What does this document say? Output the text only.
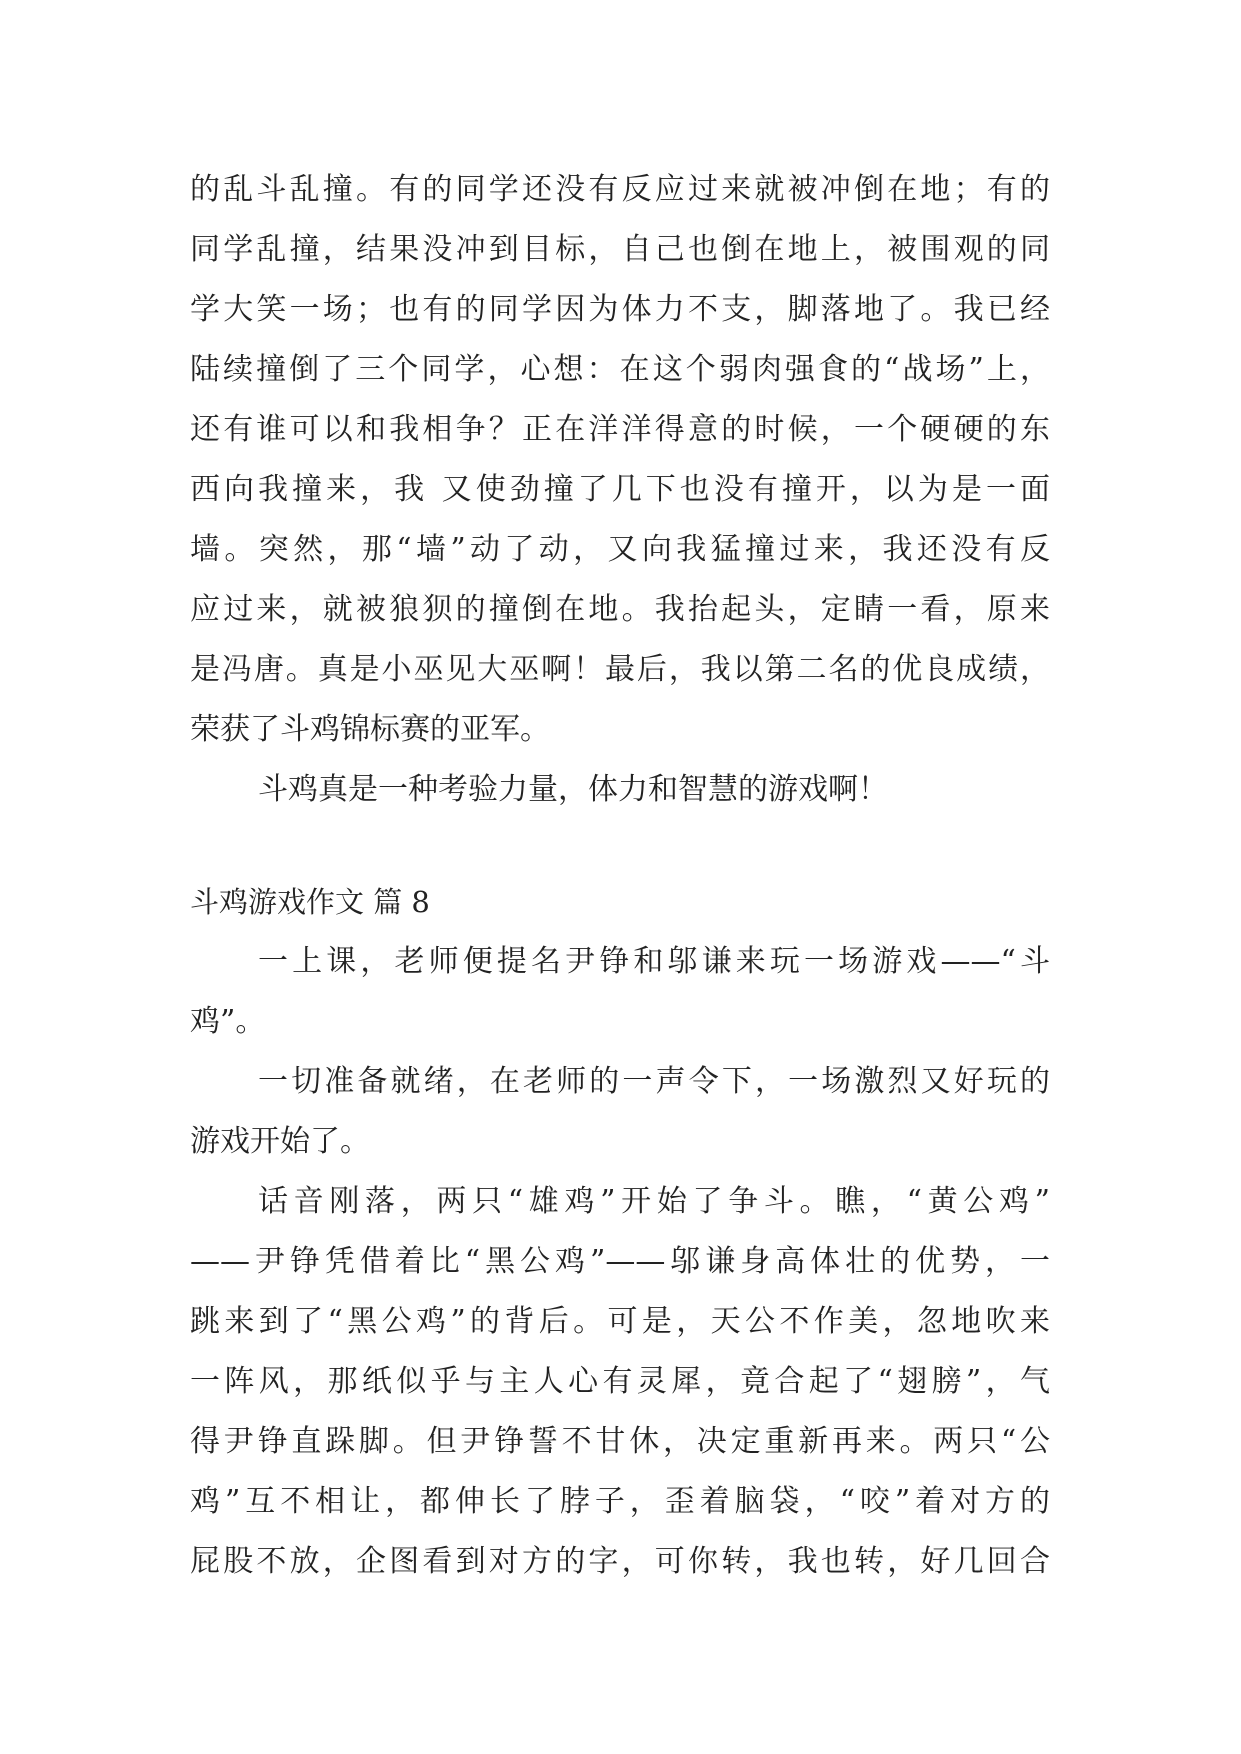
的乱斗乱撞。有的同学还没有反应过来就被冲倒在地；有的
同学乱撞，结果没冲到目标，自己也倒在地上，被围观的同
学大笑一场；也有的同学因为体力不支，脚落地了。我已经
陆续撞倒了三个同学，心想：在这个弱肉强食的“战场”上，
还有谁可以和我相争？正在洋洋得意的时候，一个硬硬的东
西向我撞来，我 又使劲撞了几下也没有撞开，以为是一面
墙。突然，那“墙”动了动，又向我猛撞过来，我还没有反
应过来，就被狼狈的撞倒在地。我抬起头，定睛一看，原来
是冯唐。真是小巫见大巫啊！最后，我以第二名的优良成绩，
荣获了斗鸡锦标赛的亚军。
斗鸡真是一种考验力量，体力和智慧的游戏啊！
斗鸡游戏作文 篇 8
一上课，老师便提名尹铮和邬谦来玩一场游戏——“斗
鸡”。
一切准备就绪，在老师的一声令下，一场激烈又好玩的
游戏开始了。
话音刚落，两只“雄鸡”开始了争斗。瞧，“黄公鸡”
——尹铮凭借着比“黑公鸡”——邬谦身高体壮的优势，一
跳来到了“黑公鸡”的背后。可是，天公不作美，忽地吹来
一阵风，那纸似乎与主人心有灵犀，竟合起了“翅膀”，气
得尹铮直跺脚。但尹铮誓不甘休，决定重新再来。两只“公
鸡”互不相让，都伸长了脖子，歪着脑袋，“咬”着对方的
屁股不放，企图看到对方的字，可你转，我也转，好几回合
